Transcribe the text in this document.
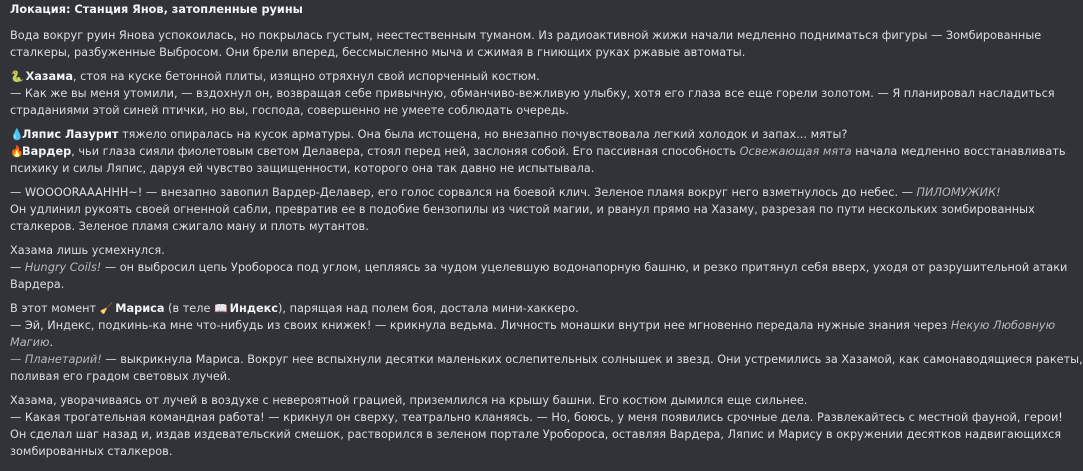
Локация: Станция Янов, затопленные руины
Вода вокруг руин Янова успокоилась, но покрылась густым, неестественным туманом. Из радиоактивной жижи начали медленно подниматься фигуры — Зомбированные
сталкеры, разбуженные Выбросом. Они брели вперед, бессмысленно мыча и сжимая в гниющих руках ржавые автоматы.
🐍 Хазама, стоя на куске бетонной плиты, изящно отряхнул свой испорченный костюм.
— Как же вы меня утомили, — вздохнул он, возвращая себе привычную, обманчиво-вежливую улыбку, хотя его глаза все еще горели золотом. — Я планировал насладиться
страданиями этой синей птички, но вы, господа, совершенно не умеете соблюдать очередь.
💧Ляпис Лазурит тяжело опиралась на кусок арматуры. Она была истощена, но внезапно почувствовала легкий холодок и запах... мяты?
🔥Вардер, чьи глаза сияли фиолетовым светом Делавера, стоял перед ней, заслоняя собой. Его пассивная способность Освежающая мята начала медленно восстанавливать
психику и силы Ляпис, даруя ей чувство защищенности, которого она так давно не испытывала.
— WOOOORAAAHHH~! — внезапно завопил Вардер-Делавер, его голос сорвался на боевой клич. Зеленое пламя вокруг него взметнулось до небес. — ПИЛОМУЖИК!
Он удлинил рукоять своей огненной сабли, превратив ее в подобие бензопилы из чистой магии, и рванул прямо на Хазаму, разрезая по пути нескольких зомбированных
сталкеров. Зеленое пламя сжигало ману и плоть мутантов.
Хазама лишь усмехнулся.
— Hungry Coils! — он выбросил цепь Уробороса под углом, цепляясь за чудом уцелевшую водонапорную башню, и резко притянул себя вверх, уходя от разрушительной атаки
Вардера.
В этот момент 🧹 Мариса (в теле 📖 Индекс), парящая над полем боя, достала мини-хаккеро.
— Эй, Индекс, подкинь-ка мне что-нибудь из своих книжек! — крикнула ведьма. Личность монашки внутри нее мгновенно передала нужные знания через Некую Любовную
Магию.
— Планетарий! — выкрикнула Мариса. Вокруг нее вспыхнули десятки маленьких ослепительных солнышек и звезд. Они устремились за Хазамой, как самонаводящиеся ракеты,
поливая его градом световых лучей.
Хазама, уворачиваясь от лучей в воздухе с невероятной грацией, приземлился на крышу башни. Его костюм дымился еще сильнее.
— Какая трогательная командная работа! — крикнул он сверху, театрально кланяясь. — Но, боюсь, у меня появились срочные дела. Развлекайтесь с местной фауной, герои!
Он сделал шаг назад и, издав издевательский смешок, растворился в зеленом портале Уробороса, оставляя Вардера, Ляпис и Марису в окружении десятков надвигающихся
зомбированных сталкеров.
